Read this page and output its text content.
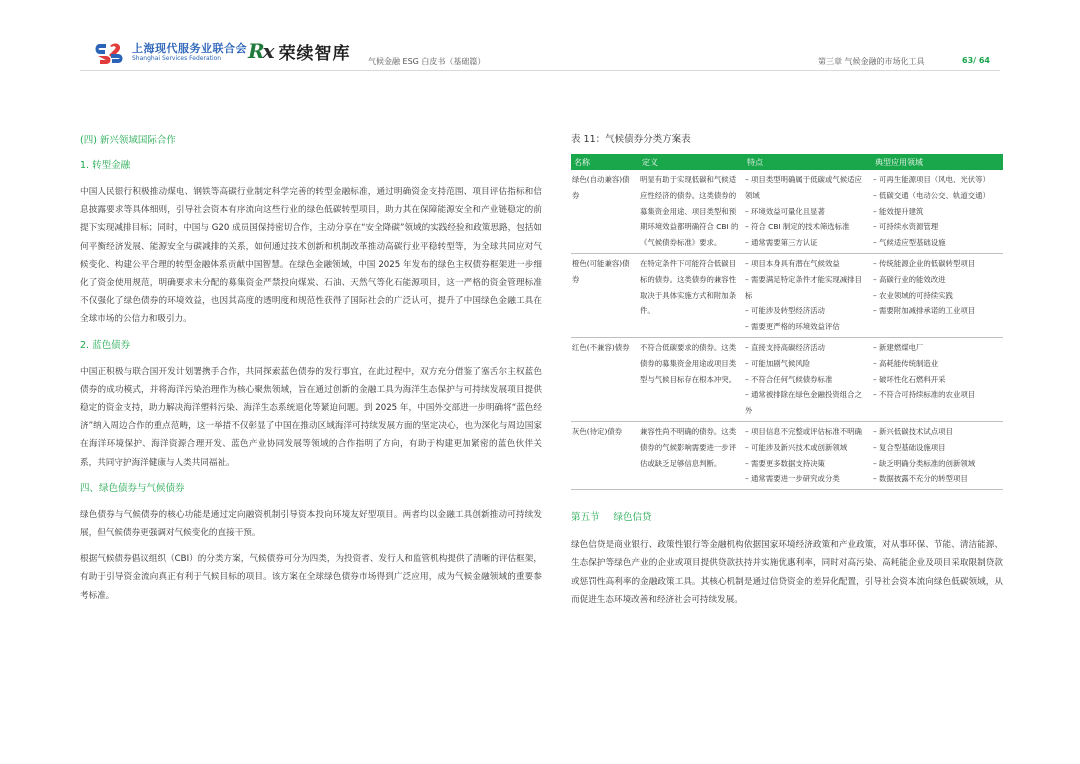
上海现代服务业联合会
Shanghai Services Federation	Rx 荣续智库 气候金融 ESG 白皮书（基础篇）	第三章 气候金融的市场化工具	63/ 64
(四) 新兴领域国际合作
1. 转型金融

中国人民银行积极推动煤电、钢铁等高碳行业制定科学完善的转型金融标准，通过明确资金支持范围、项目评估指标和信息披露要求等具体细则，引导社会资本有序流向这些行业的绿色低碳转型项目，助力其在保障能源安全和产业链稳定的前提下实现减排目标；同时，中国与 G20 成员国保持密切合作，主动分享在“安全降碳”领域的实践经验和政策思路，包括如何平衡经济发展、能源安全与碳减排的关系，如何通过技术创新和机制改革推动高碳行业平稳转型等，为全球共同应对气候变化、构建公平合理的转型金融体系贡献中国智慧。在绿色金融领域，中国 2025 年发布的绿色主权债券框架进一步细化了资金使用规范，明确要求未分配的募集资金严禁投向煤炭、石油、天然气等化石能源项目，这一严格的资金管理标准不仅强化了绿色债券的环境效益，也因其高度的透明度和规范性获得了国际社会的广泛认可，提升了中国绿色金融工具在全球市场的公信力和吸引力。

2. 蓝色债券

中国正积极与联合国开发计划署携手合作，共同探索蓝色债券的发行事宜，在此过程中，双方充分借鉴了塞舌尔主权蓝色债券的成功模式，并将海洋污染治理作为核心聚焦领域，旨在通过创新的金融工具为海洋生态保护与可持续发展项目提供稳定的资金支持，助力解决海洋塑料污染、海洋生态系统退化等紧迫问题。到 2025 年，中国外交部进一步明确将“蓝色经济”纳入周边合作的重点范畴，这一举措不仅彰显了中国在推动区域海洋可持续发展方面的坚定决心，也为深化与周边国家在海洋环境保护、海洋资源合理开发、蓝色产业协同发展等领域的合作指明了方向，有助于构建更加紧密的蓝色伙伴关系，共同守护海洋健康与人类共同福祉。

四、绿色债券与气候债券

绿色债券与气候债券的核心功能是通过定向融资机制引导资本投向环境友好型项目。两者均以金融工具创新推动可持续发展，但气候债券更强调对气候变化的直接干预。

根据气候债券倡议组织（CBI）的分类方案，气候债券可分为四类，为投资者、发行人和监管机构提供了清晰的评估框架，有助于引导资金流向真正有利于气候目标的项目。该方案在全球绿色债券市场得到广泛应用，成为气候金融领域的重要参考标准。

表 11：气候债券分类方案表
名称	定义	特点	典型应用领域
绿色(自动兼容)债券	明显有助于实现低碳和气候适应性经济的债券。这类债券的募集资金用途、项目类型和预期环境效益都明确符合 CBI 的《气候债券标准》要求。	– 项目类型明确属于低碳或气候适应领域
– 环境效益可量化且显著
– 符合 CBI 制定的技术筛选标准
– 通常需要第三方认证	– 可再生能源项目（风电、光伏等）
– 低碳交通（电动公交、轨道交通）
– 能效提升建筑
– 可持续水资源管理
– 气候适应型基础设施

橙色(可能兼容)债券	在特定条件下可能符合低碳目标的债券。这类债券的兼容性取决于具体实施方式和附加条件。	– 项目本身具有潜在气候效益
– 需要满足特定条件才能实现减排目标
– 可能涉及转型经济活动
– 需要更严格的环境效益评估	– 传统能源企业的低碳转型项目
– 高碳行业的能效改进
– 农业领域的可持续实践
– 需要附加减排承诺的工业项目

红色(不兼容)债券	不符合低碳要求的债券。这类债券的募集资金用途或项目类型与气候目标存在根本冲突。	– 直接支持高碳经济活动
– 可能加剧气候风险
– 不符合任何气候债券标准
– 通常被排除在绿色金融投资组合之外	– 新建燃煤电厂
– 高耗能传统制造业
– 破坏性化石燃料开采
– 不符合可持续标准的农业项目

灰色(待定)债券	兼容性尚不明确的债券。这类债券的气候影响需要进一步评估或缺乏足够信息判断。	– 项目信息不完整或评估标准不明确
– 可能涉及新兴技术或创新领域
– 需要更多数据支持决策
– 通常需要进一步研究或分类	– 新兴低碳技术试点项目
– 复合型基础设施项目
– 缺乏明确分类标准的创新领域
– 数据披露不充分的转型项目
第五节 绿色信贷

绿色信贷是商业银行、政策性银行等金融机构依据国家环境经济政策和产业政策，对从事环保、节能、清洁能源、生态保护等绿色产业的企业或项目提供贷款扶持并实施优惠利率，同时对高污染、高耗能企业及项目采取限制贷款或惩罚性高利率的金融政策工具。其核心机制是通过信贷资金的差异化配置，引导社会资本流向绿色低碳领域，从而促进生态环境改善和经济社会可持续发展。
